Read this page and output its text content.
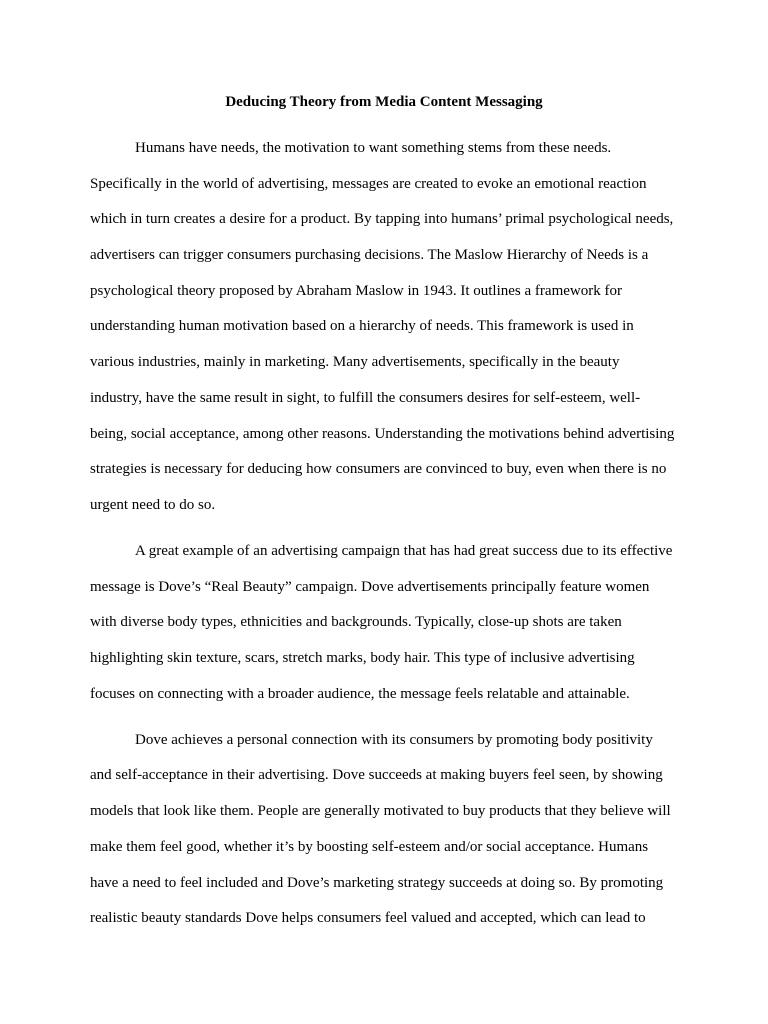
Deducing Theory from Media Content Messaging

Humans have needs, the motivation to want something stems from these needs.

Specifically in the world of advertising, messages are created to evoke an emotional reaction

which in turn creates a desire for a product. By tapping into humans’ primal psychological needs,

advertisers can trigger consumers purchasing decisions. The Maslow Hierarchy of Needs is a

psychological theory proposed by Abraham Maslow in 1943. It outlines a framework for

understanding human motivation based on a hierarchy of needs. This framework is used in

various industries, mainly in marketing. Many advertisements, specifically in the beauty

industry, have the same result in sight, to fulfill the consumers desires for self-esteem, well-

being, social acceptance, among other reasons. Understanding the motivations behind advertising

strategies is necessary for deducing how consumers are convinced to buy, even when there is no

urgent need to do so.

A great example of an advertising campaign that has had great success due to its effective

message is Dove’s “Real Beauty” campaign. Dove advertisements principally feature women

with diverse body types, ethnicities and backgrounds. Typically, close-up shots are taken

highlighting skin texture, scars, stretch marks, body hair. This type of inclusive advertising

focuses on connecting with a broader audience, the message feels relatable and attainable.

Dove achieves a personal connection with its consumers by promoting body positivity

and self-acceptance in their advertising. Dove succeeds at making buyers feel seen, by showing

models that look like them. People are generally motivated to buy products that they believe will

make them feel good, whether it’s by boosting self-esteem and/or social acceptance. Humans

have a need to feel included and Dove’s marketing strategy succeeds at doing so. By promoting

realistic beauty standards Dove helps consumers feel valued and accepted, which can lead to
